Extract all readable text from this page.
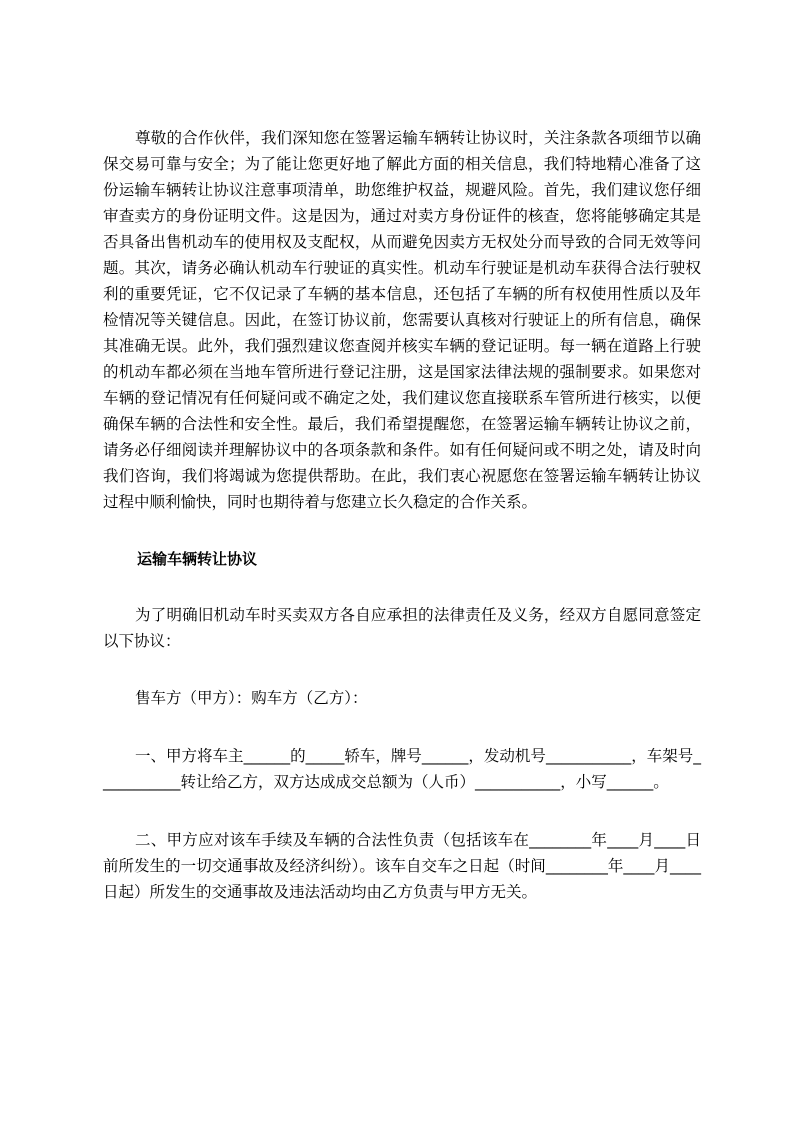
尊敬的合作伙伴，我们深知您在签署运输车辆转让协议时，关注条款各项细节以确保交易可靠与安全；为了能让您更好地了解此方面的相关信息，我们特地精心准备了这份运输车辆转让协议注意事项清单，助您维护权益，规避风险。首先，我们建议您仔细审查卖方的身份证明文件。这是因为，通过对卖方身份证件的核查，您将能够确定其是否具备出售机动车的使用权及支配权，从而避免因卖方无权处分而导致的合同无效等问题。其次，请务必确认机动车行驶证的真实性。机动车行驶证是机动车获得合法行驶权利的重要凭证，它不仅记录了车辆的基本信息，还包括了车辆的所有权使用性质以及年检情况等关键信息。因此，在签订协议前，您需要认真核对行驶证上的所有信息，确保其准确无误。此外，我们强烈建议您查阅并核实车辆的登记证明。每一辆在道路上行驶的机动车都必须在当地车管所进行登记注册，这是国家法律法规的强制要求。如果您对车辆的登记情况有任何疑问或不确定之处，我们建议您直接联系车管所进行核实，以便确保车辆的合法性和安全性。最后，我们希望提醒您，在签署运输车辆转让协议之前，请务必仔细阅读并理解协议中的各项条款和条件。如有任何疑问或不明之处，请及时向我们咨询，我们将竭诚为您提供帮助。在此，我们衷心祝愿您在签署运输车辆转让协议过程中顺利愉快，同时也期待着与您建立长久稳定的合作关系。

运输车辆转让协议

为了明确旧机动车时买卖双方各自应承担的法律责任及义务，经双方自愿同意签定以下协议：

售车方（甲方）：购车方（乙方）：

一、甲方将车主______的_____轿车，牌号______，发动机号___________，车架号___________转让给乙方，双方达成成交总额为（人币）___________，小写______。

二、甲方应对该车手续及车辆的合法性负责（包括该车在________年____月____日前所发生的一切交通事故及经济纠纷）。该车自交车之日起（时间________年____月____日起）所发生的交通事故及违法活动均由乙方负责与甲方无关。
